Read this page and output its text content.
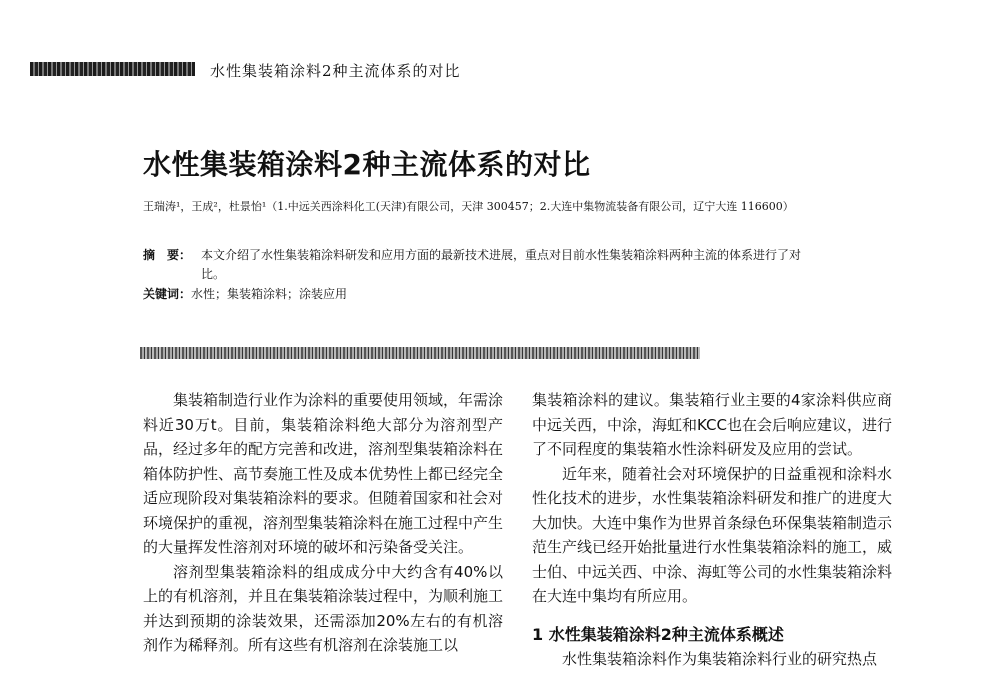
水性集装箱涂料2种主流体系的对比
水性集装箱涂料2种主流体系的对比
王瑞涛¹，王成²，杜景怡¹（1.中远关西涂料化工(天津)有限公司，天津 300457；2.大连中集物流装备有限公司，辽宁大连 116600）
摘　要： 本文介绍了水性集装箱涂料研发和应用方面的最新技术进展，重点对目前水性集装箱涂料两种主流的体系进行了对比。
关键词：水性；集装箱涂料；涂装应用

集装箱制造行业作为涂料的重要使用领域，年需涂料近30万t。目前，集装箱涂料绝大部分为溶剂型产品，经过多年的配方完善和改进，溶剂型集装箱涂料在箱体防护性、高节奏施工性及成本优势性上都已经完全适应现阶段对集装箱涂料的要求。但随着国家和社会对环境保护的重视，溶剂型集装箱涂料在施工过程中产生的大量挥发性溶剂对环境的破坏和污染备受关注。

溶剂型集装箱涂料的组成成分中大约含有40%以上的有机溶剂，并且在集装箱涂装过程中，为顺利施工并达到预期的涂装效果，还需添加20%左右的有机溶剂作为稀释剂。所有这些有机溶剂在涂装施工以

集装箱涂料的建议。集装箱行业主要的4家涂料供应商中远关西，中涂，海虹和KCC也在会后响应建议，进行了不同程度的集装箱水性涂料研发及应用的尝试。

近年来，随着社会对环境保护的日益重视和涂料水性化技术的进步，水性集装箱涂料研发和推广的进度大大加快。大连中集作为世界首条绿色环保集装箱制造示范生产线已经开始批量进行水性集装箱涂料的施工，威士伯、中远关西、中涂、海虹等公司的水性集装箱涂料在大连中集均有所应用。

1 水性集装箱涂料2种主流体系概述

水性集装箱涂料作为集装箱涂料行业的研究热点
